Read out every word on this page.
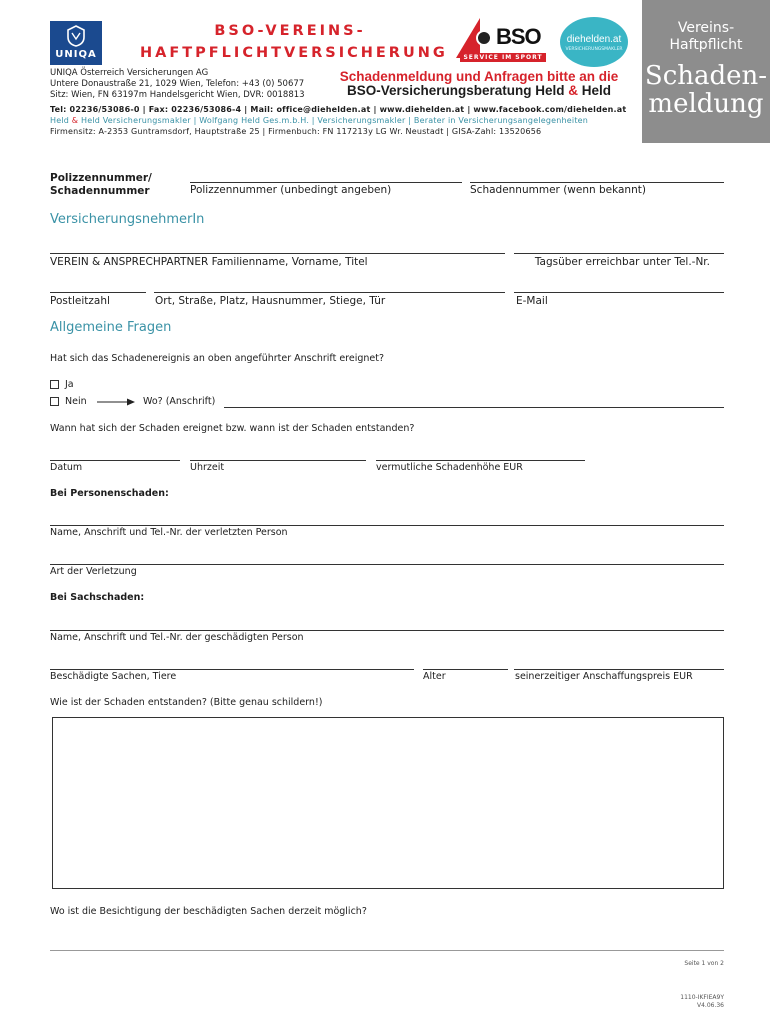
UNIQA
BSO-VEREINS-
HAFTPFLICHTVERSICHERUNG
BSO
SERVICE IM SPORT
diehelden.at
VERSICHERUNGSMAKLER
Vereins-
Haftpflicht
Schaden-
meldung
UNIQA Österreich Versicherungen AG
Untere Donaustraße 21, 1029 Wien, Telefon: +43 (0) 50677
Sitz: Wien, FN 63197m Handelsgericht Wien, DVR: 0018813
Schadenmeldung und Anfragen bitte an die
BSO-Versicherungsberatung Held & Held
Tel: 02236/53086-0 | Fax: 02236/53086-4 | Mail: office@diehelden.at | www.diehelden.at | www.facebook.com/diehelden.at
Held & Held Versicherungsmakler | Wolfgang Held Ges.m.b.H. | Versicherungsmakler | Berater in Versicherungsangelegenheiten
Firmensitz: A-2353 Guntramsdorf, Hauptstraße 25 | Firmenbuch: FN 117213y LG Wr. Neustadt | GISA-Zahl: 13520656
Polizzennummer/
Schadennummer	Polizzennummer (unbedingt angeben)	Schadennummer (wenn bekannt)
VersicherungsnehmerIn
VEREIN & ANSPRECHPARTNER Familienname, Vorname, Titel	Tagsüber erreichbar unter Tel.-Nr.
Postleitzahl	Ort, Straße, Platz, Hausnummer, Stiege, Tür	E-Mail
Allgemeine Fragen
Hat sich das Schadenereignis an oben angeführter Anschrift ereignet?
Ja
Nein	Wo? (Anschrift)
Wann hat sich der Schaden ereignet bzw. wann ist der Schaden entstanden?
Datum	Uhrzeit	vermutliche Schadenhöhe EUR
Bei Personenschaden:
Name, Anschrift und Tel.-Nr. der verletzten Person
Art der Verletzung
Bei Sachschaden:
Name, Anschrift und Tel.-Nr. der geschädigten Person
Beschädigte Sachen, Tiere	Alter	seinerzeitiger Anschaffungspreis EUR
Wie ist der Schaden entstanden? (Bitte genau schildern!)
Wo ist die Besichtigung der beschädigten Sachen derzeit möglich?
Seite 1 von 2
1110-IKFIEA9Y
V4.06.36
